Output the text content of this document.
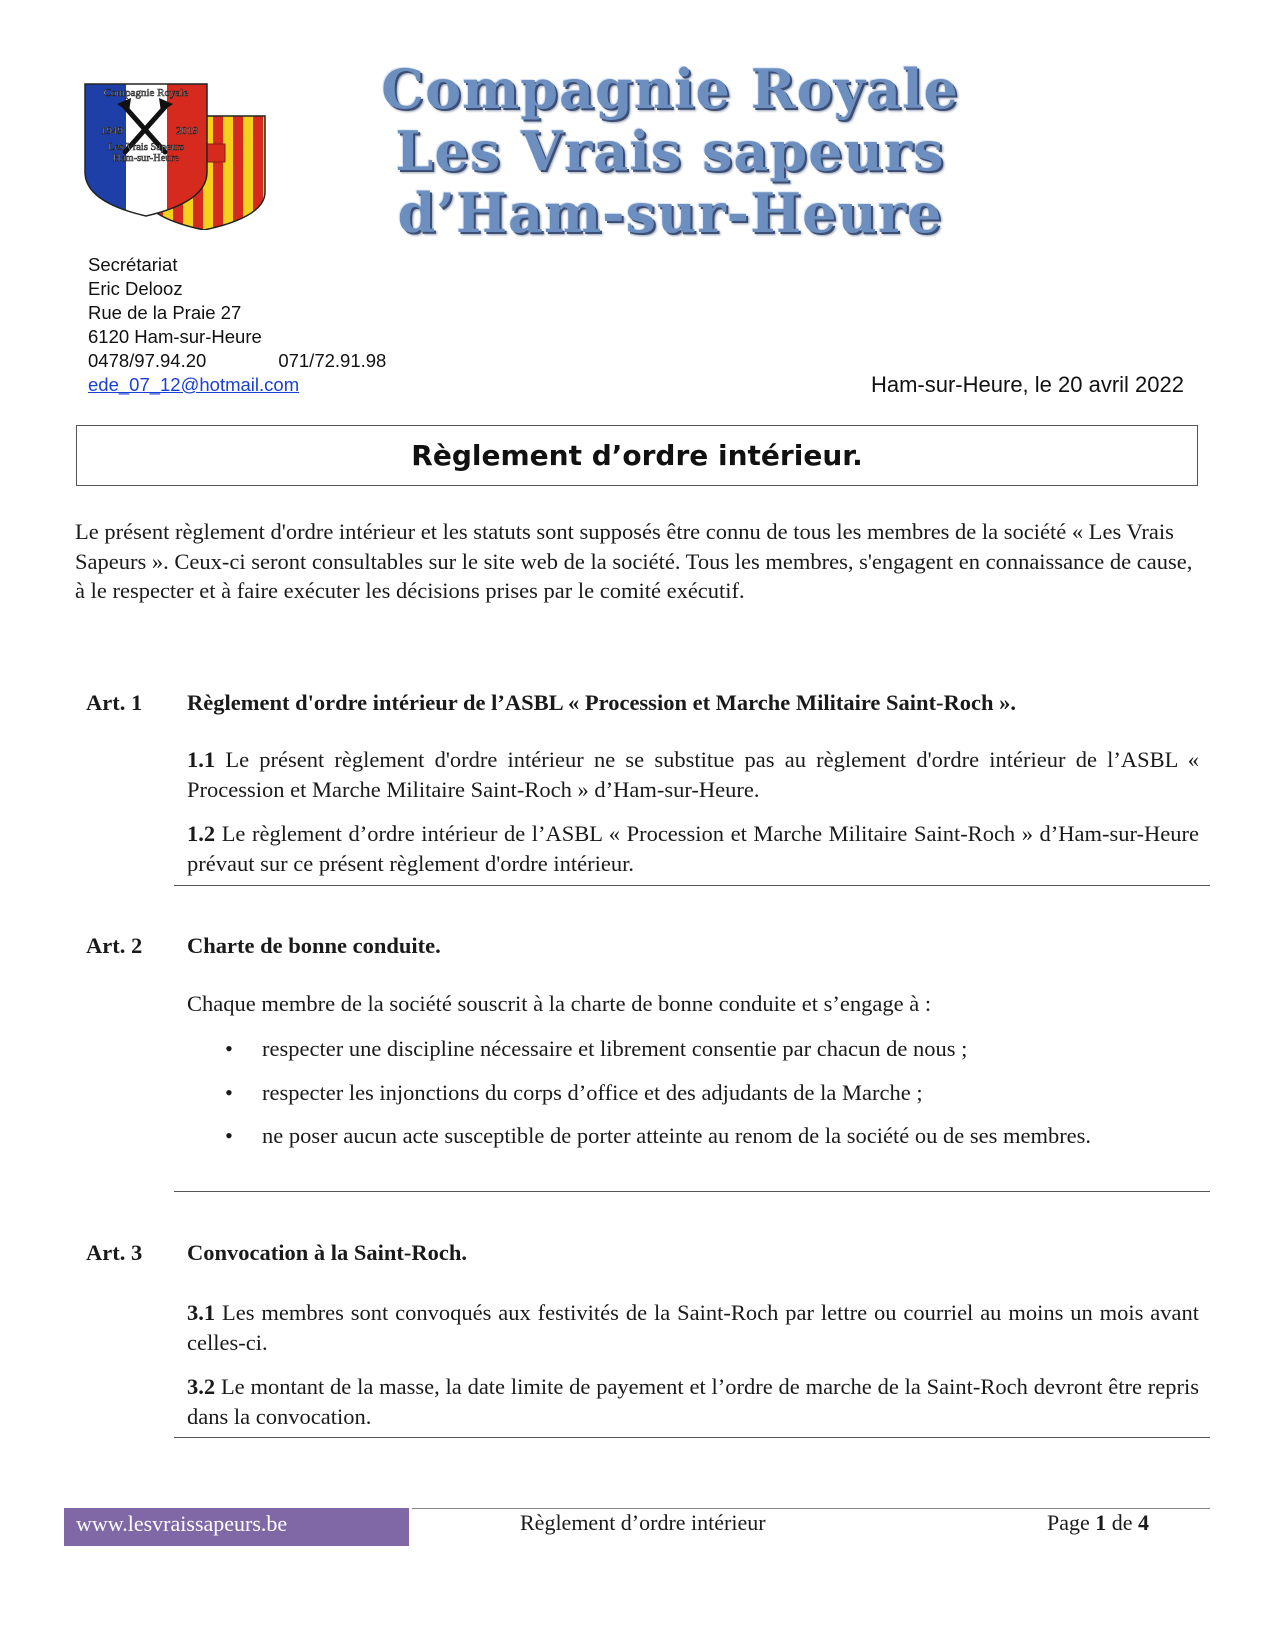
Compagnie Royale
1949	2019
Les Vrais Sapeurs
Ham-sur-Heure
Compagnie Royale
Les Vrais sapeurs
d’Ham-sur-Heure
Secrétariat
Eric Delooz
Rue de la Praie 27
6120 Ham-sur-Heure
0478/97.94.20	071/72.91.98
ede_07_12@hotmail.com	Ham-sur-Heure, le 20 avril 2022
Règlement d’ordre intérieur.
Le présent règlement d'ordre intérieur et les statuts sont supposés être connu de tous les membres de la société « Les Vrais Sapeurs ». Ceux-ci seront consultables sur le site web de la société. Tous les membres, s'engagent en connaissance de cause, à le respecter et à faire exécuter les décisions prises par le comité exécutif.
Art. 1 Règlement d'ordre intérieur de l’ASBL « Procession et Marche Militaire Saint-Roch ».
1.1 Le présent règlement d'ordre intérieur ne se substitue pas au règlement d'ordre intérieur de l’ASBL « Procession et Marche Militaire Saint-Roch » d’Ham-sur-Heure.
1.2 Le règlement d’ordre intérieur de l’ASBL « Procession et Marche Militaire Saint-Roch » d’Ham-sur-Heure prévaut sur ce présent règlement d'ordre intérieur.
Art. 2 Charte de bonne conduite.
Chaque membre de la société souscrit à la charte de bonne conduite et s’engage à :
• respecter une discipline nécessaire et librement consentie par chacun de nous ;
• respecter les injonctions du corps d’office et des adjudants de la Marche ;
• ne poser aucun acte susceptible de porter atteinte au renom de la société ou de ses membres.
Art. 3 Convocation à la Saint-Roch.
3.1 Les membres sont convoqués aux festivités de la Saint-Roch par lettre ou courriel au moins un mois avant celles-ci.
3.2 Le montant de la masse, la date limite de payement et l’ordre de marche de la Saint-Roch devront être repris dans la convocation.
www.lesvraissapeurs.be	Règlement d’ordre intérieur	Page 1 de 4
